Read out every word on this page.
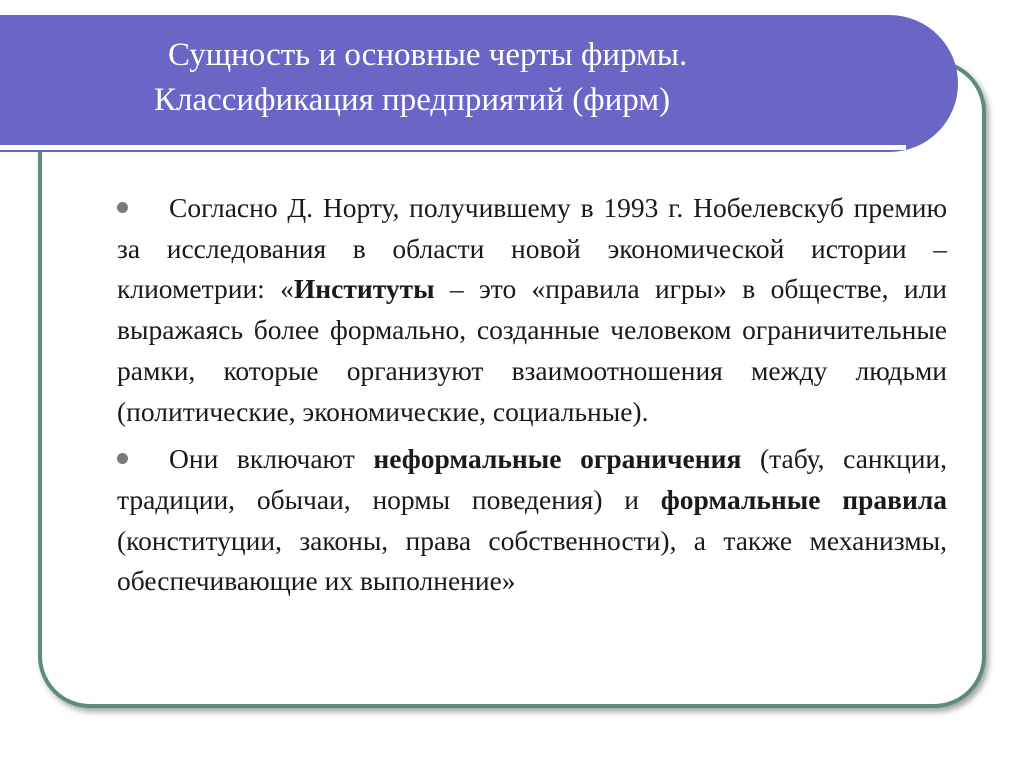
Сущность и основные черты фирмы.
Классификация предприятий (фирм)
Согласно Д. Норту, получившему в 1993 г. Нобелевскуб премию за исследования в области новой экономической истории – клиометрии: «Институты – это «правила игры» в обществе, или выражаясь более формально, созданные человеком ограничительные рамки, которые организуют взаимоотношения между людьми (политические, экономические, социальные).
Они включают неформальные ограничения (табу, санкции, традиции, обычаи, нормы поведения) и формальные правила (конституции, законы, права собственности), а также механизмы, обеспечивающие их выполнение»
